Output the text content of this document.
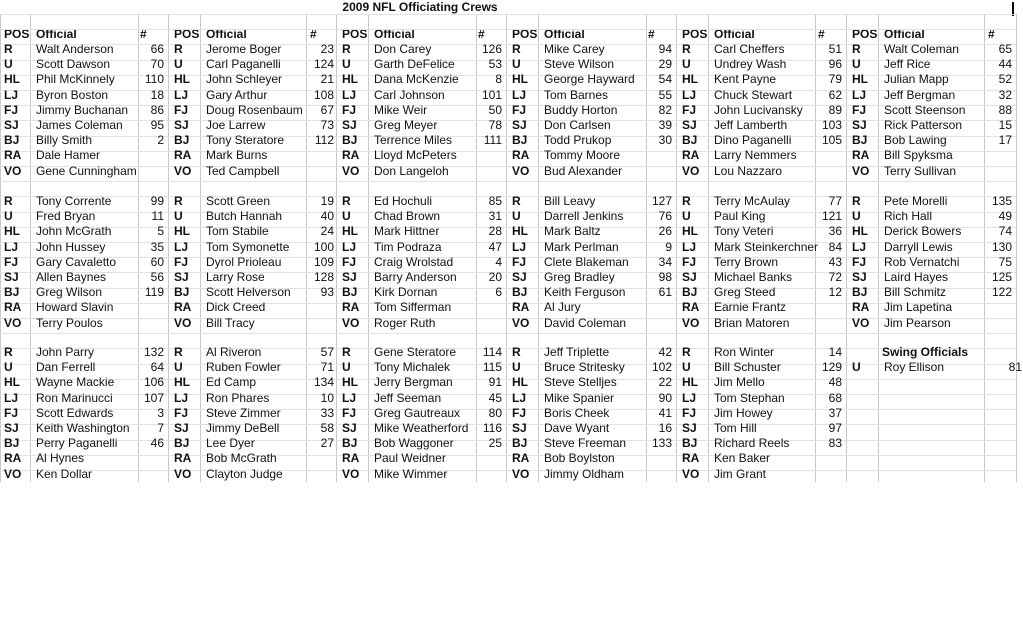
2009 NFL Officiating Crews
POS Official	#	POS Official	#	POS Official	#	POS Official	#	POS Official	#	POS Official	#
R	Walt Anderson	66
U	Scott Dawson	70
HL	Phil McKinnely	110
LJ	Byron Boston	18
FJ	Jimmy Buchanan	86
SJ	James Coleman	95
BJ	Billy Smith	2
RA	Dale Hamer
VO	Gene Cunningham
R	Jerome Boger	23
U	Carl Paganelli	124
HL	John Schleyer	21
LJ	Gary Arthur	108
FJ	Doug Rosenbaum	67
SJ	Joe Larrew	73
BJ	Tony Steratore	112
RA	Mark Burns
VO	Ted Campbell
R	Don Carey	126
U	Garth DeFelice	53
HL	Dana McKenzie	8
LJ	Carl Johnson	101
FJ	Mike Weir	50
SJ	Greg Meyer	78
BJ	Terrence Miles	111
RA	Lloyd McPeters
VO	Don Langeloh
R	Mike Carey	94
U	Steve Wilson	29
HL	George Hayward	54
LJ	Tom Barnes	55
FJ	Buddy Horton	82
SJ	Don Carlsen	39
BJ	Todd Prukop	30
RA	Tommy Moore
VO	Bud Alexander
R	Carl Cheffers	51
U	Undrey Wash	96
HL	Kent Payne	79
LJ	Chuck Stewart	62
FJ	John Lucivansky	89
SJ	Jeff Lamberth	103
BJ	Dino Paganelli	105
RA	Larry Nemmers
VO	Lou Nazzaro
R	Walt Coleman	65
U	Jeff Rice	44
HL	Julian Mapp	52
LJ	Jeff Bergman	32
FJ	Scott Steenson	88
SJ	Rick Patterson	15
BJ	Bob Lawing	17
RA	Bill Spyksma
VO	Terry Sullivan
R	Tony Corrente	99
U	Fred Bryan	11
HL	John McGrath	5
LJ	John Hussey	35
FJ	Gary Cavaletto	60
SJ	Allen Baynes	56
BJ	Greg Wilson	119
RA	Howard Slavin
VO	Terry Poulos
R	Scott Green	19
U	Butch Hannah	40
HL	Tom Stabile	24
LJ	Tom Symonette	100
FJ	Dyrol Prioleau	109
SJ	Larry Rose	128
BJ	Scott Helverson	93
RA	Dick Creed
VO	Bill Tracy
R	Ed Hochuli	85
U	Chad Brown	31
HL	Mark Hittner	28
LJ	Tim Podraza	47
FJ	Craig Wrolstad	4
SJ	Barry Anderson	20
BJ	Kirk Dornan	6
RA	Tom Sifferman
VO	Roger Ruth
R	Bill Leavy	127
U	Darrell Jenkins	76
HL	Mark Baltz	26
LJ	Mark Perlman	9
FJ	Clete Blakeman	34
SJ	Greg Bradley	98
BJ	Keith Ferguson	61
RA	Al Jury
VO	David Coleman
R	Terry McAulay	77
U	Paul King	121
HL	Tony Veteri	36
LJ	Mark Steinkerchner 84
FJ	Terry Brown	43
SJ	Michael Banks	72
BJ	Greg Steed	12
RA	Earnie Frantz
VO	Brian Matoren
R	Pete Morelli	135
U	Rich Hall	49
HL	Derick Bowers	74
LJ	Darryll Lewis	130
FJ	Rob Vernatchi	75
SJ	Laird Hayes	125
BJ	Bill Schmitz	122
RA	Jim Lapetina
VO	Jim Pearson
R	John Parry	132
U	Dan Ferrell	64
HL	Wayne Mackie	106
LJ	Ron Marinucci	107
FJ	Scott Edwards	3
SJ	Keith Washington	7
BJ	Perry Paganelli	46
RA	Al Hynes
VO	Ken Dollar
R	Al Riveron	57
U	Ruben Fowler	71
HL	Ed Camp	134
LJ	Ron Phares	10
FJ	Steve Zimmer	33
SJ	Jimmy DeBell	58
BJ	Lee Dyer	27
RA	Bob McGrath
VO	Clayton Judge
R	Gene Steratore	114
U	Tony Michalek	115
HL	Jerry Bergman	91
LJ	Jeff Seeman	45
FJ	Greg Gautreaux	80
SJ	Mike Weatherford	116
BJ	Bob Waggoner	25
RA	Paul Weidner
VO	Mike Wimmer
R	Jeff Triplette	42
U	Bruce Stritesky	102
HL	Steve Stelljes	22
LJ	Mike Spanier	90
FJ	Boris Cheek	41
SJ	Dave Wyant	16
BJ	Steve Freeman	133
RA	Bob Boylston
VO	Jimmy Oldham
R	Ron Winter	14
U	Bill Schuster	129
HL	Jim Mello	48
LJ	Tom Stephan	68
FJ	Jim Howey	37
SJ	Tom Hill	97
BJ	Richard Reels	83
RA	Ken Baker
VO	Jim Grant
Swing Officials
U	Roy Ellison	81
